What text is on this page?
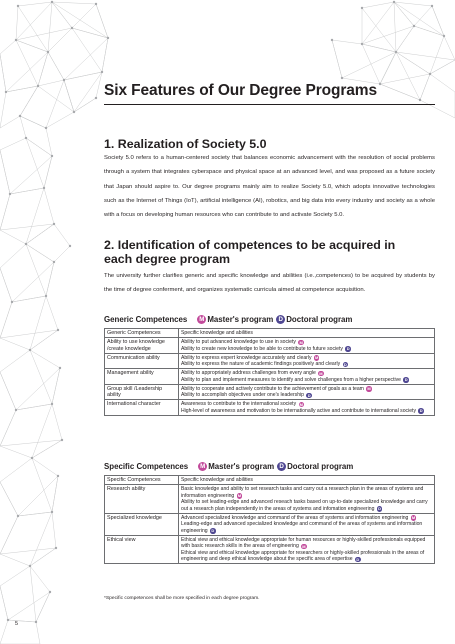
Six Features of Our Degree Programs
1. Realization of Society 5.0
Society 5.0 refers to a human-centered society that balances economic advancement with the resolution of social problems through a system that integrates cyberspace and physical space at an advanced level, and was proposed as a future society that Japan should aspire to. Our degree programs mainly aim to realize Society 5.0, which adopts innovative technologies such as the Internet of Things (IoT), artificial intelligence (AI), robotics, and big data into every industry and society as a whole with a focus on developing human resources who can contribute to and activate Society 5.0.
2. Identification of competences to be acquired in each degree program
The university further clarifies generic and specific knowledge and abilities (i.e.,competences) to be acquired by students by the time of degree conferment, and organizes systematic curricula aimed at competence acquisition.
Generic Competences	M Master's program D Doctoral program
Generic Competences	Specific knowledge and abilities
Ability to use knowledge /create knowledge	Ability to put advanced knowledge to use in society M
Ability to create new knowledge to be able to contribute to future society D

Communication ability	Ability to express expert knowledge accurately and clearly M
Ability to express the nature of academic findings positively and clearly D

Management ability	Ability to appropriately address challenges from every angle M
Ability to plan and implement measures to identify and solve challenges from a higher perspective D

Group skill /Leadership ability	Ability to cooperate and actively contribute to the achievement of goals as a team M
Ability to accomplish objectives under one's leadership D

International character	Awareness to contribute to the international society M
High-level of awareness and motivation to be internationally active and contribute to international society D
Specific Competences	M Master's program D Doctoral program
Specific Competences	Specific knowledge and abilities
Research ability	Basic knowledge and ability to set research tasks and carry out a research plan in the areas of systems and information engineering M
Ability to set leading-edge and advanced reseach tasks based on up-to-date specialized knowledge and carry out a research plan independently in the areas of systems and infomation engineering D

Specialized knowledge	Advanced specialized knowledge and command of the areas of systems and information engineering M
Leading-edge and advanced specialized knowledge and command of the areas of systems and information engineering D

Ethical view	Ethical view and ethical knowledge appropriate for human resources or highly-skilled professionals equipped with basic research skills in the areas of engineering M
Ethical view and ethical knowledge appropriate for researchers or highly-skilled professionals in the areas of engineering and deep ethical knowledge about the specific area of expertise D
*Specific competences shall be more specified in each degree program.
5
